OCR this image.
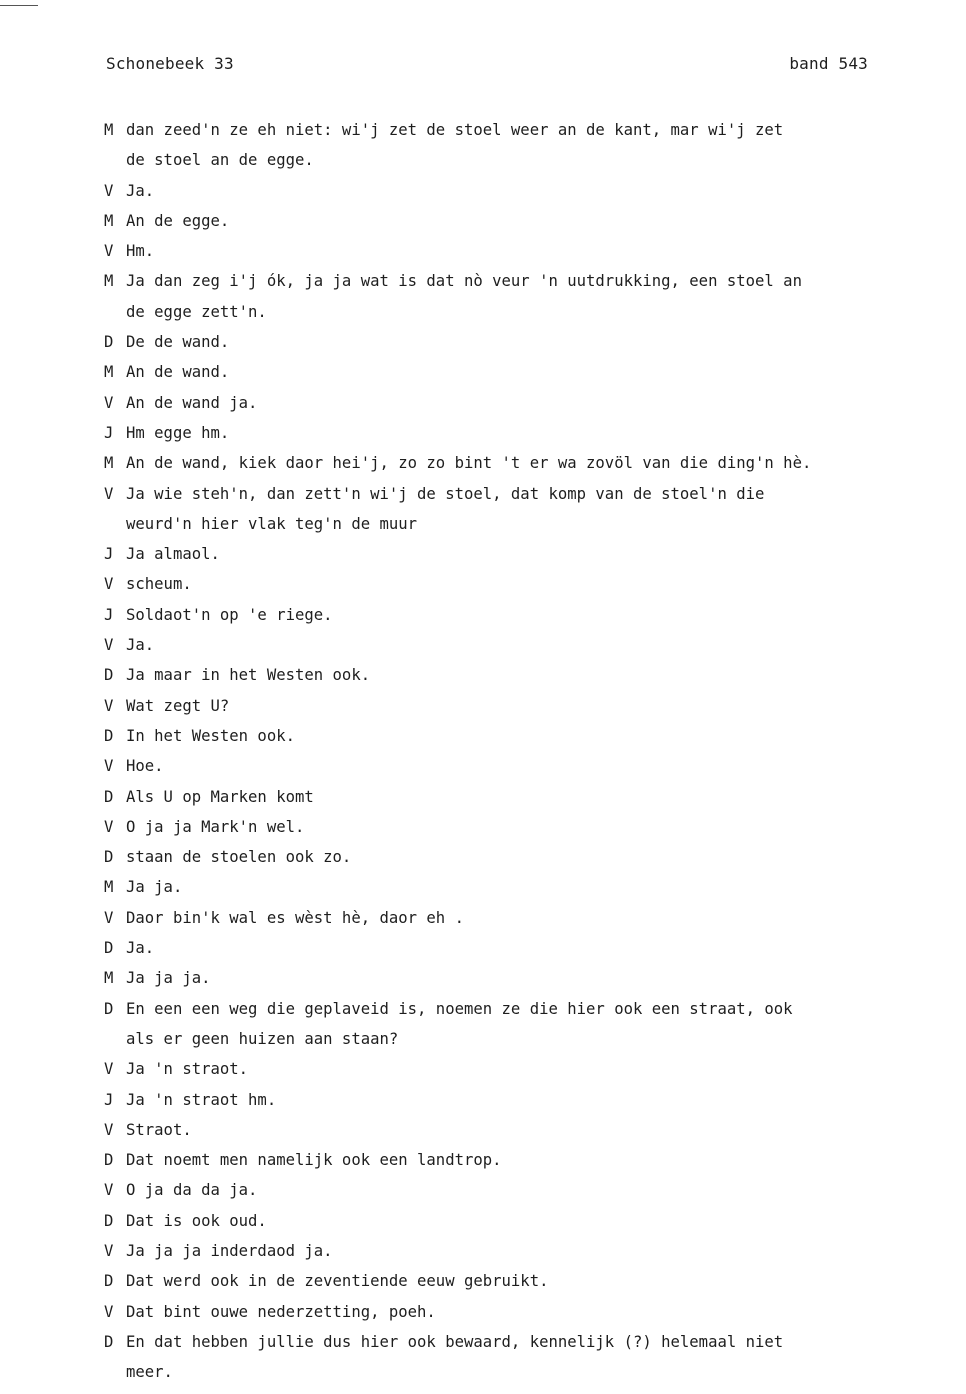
Schonebeek 33	band 543
M dan zeed'n ze eh niet: wi'j zet de stoel weer an de kant, mar wi'j zet
de stoel an de egge.
V Ja.
M An de egge.
V Hm.
M Ja dan zeg i'j ók, ja ja wat is dat nò veur 'n uutdrukking, een stoel an
de egge zett'n.
D De de wand.
M An de wand.
V An de wand ja.
J Hm egge hm.
M An de wand, kiek daor hei'j, zo zo bint 't er wa zovöl van die ding'n hè.
V Ja wie steh'n, dan zett'n wi'j de stoel, dat komp van de stoel'n die
weurd'n hier vlak teg'n de muur
J Ja almaol.
V scheum.
J Soldaot'n op 'e riege.
V Ja.
D Ja maar in het Westen ook.
V Wat zegt U?
D In het Westen ook.
V Hoe.
D Als U op Marken komt
V O ja ja Mark'n wel.
D staan de stoelen ook zo.
M Ja ja.
V Daor bin'k wal es wèst hè, daor eh .
D Ja.
M Ja ja ja.
D En een een weg die geplaveid is, noemen ze die hier ook een straat, ook
als er geen huizen aan staan?
V Ja 'n straot.
J Ja 'n straot hm.
V Straot.
D Dat noemt men namelijk ook een landtrop.
V O ja da da ja.
D Dat is ook oud.
V Ja ja ja inderdaod ja.
D Dat werd ook in de zeventiende eeuw gebruikt.
V Dat bint ouwe nederzetting, poeh.
D En dat hebben jullie dus hier ook bewaard, kennelijk (?) helemaal niet
meer.
